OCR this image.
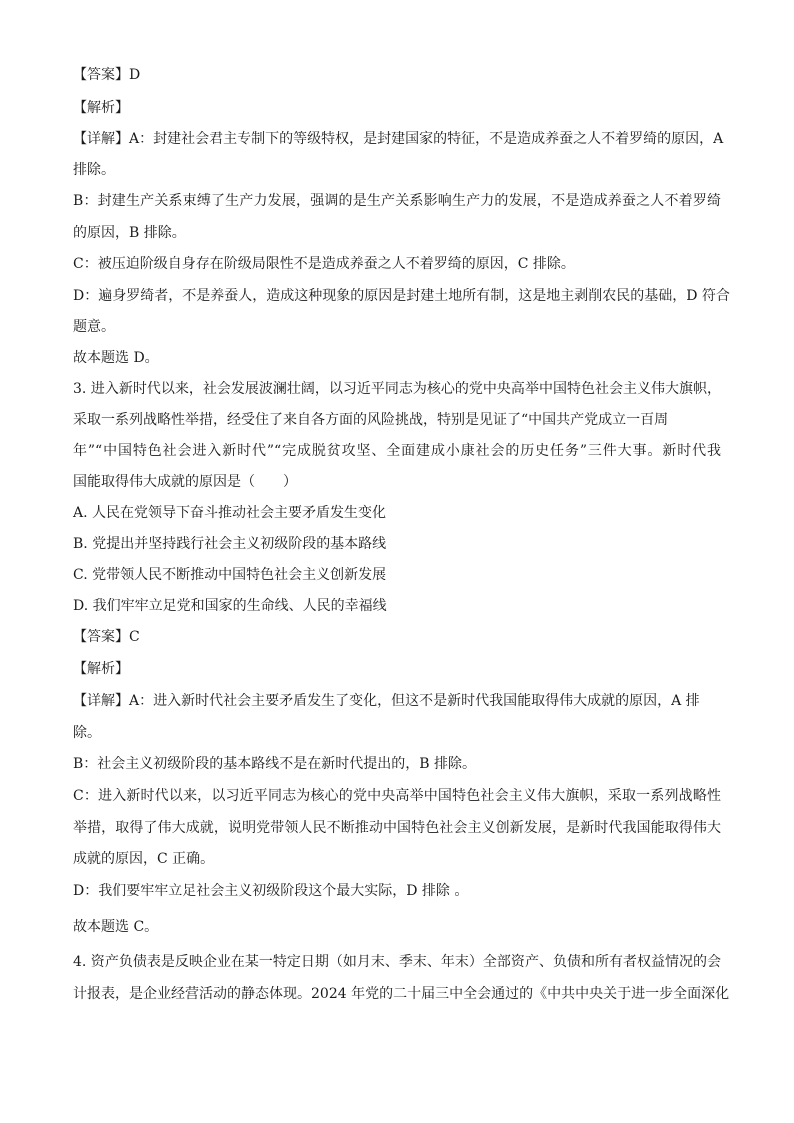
【答案】D
【解析】
【详解】A：封建社会君主专制下的等级特权，是封建国家的特征，不是造成养蚕之人不着罗绮的原因，A
排除。
B：封建生产关系束缚了生产力发展，强调的是生产关系影响生产力的发展，不是造成养蚕之人不着罗绮
的原因，B 排除。
C：被压迫阶级自身存在阶级局限性不是造成养蚕之人不着罗绮的原因，C 排除。
D：遍身罗绮者，不是养蚕人，造成这种现象的原因是封建土地所有制，这是地主剥削农民的基础，D 符合
题意。
故本题选 D。
3. 进入新时代以来，社会发展波澜壮阔，以习近平同志为核心的党中央高举中国特色社会主义伟大旗帜，
采取一系列战略性举措，经受住了来自各方面的风险挑战，特别是见证了“中国共产党成立一百周
年”“中国特色社会进入新时代”“完成脱贫攻坚、全面建成小康社会的历史任务”三件大事。新时代我
国能取得伟大成就的原因是（　　）
A. 人民在党领导下奋斗推动社会主要矛盾发生变化
B. 党提出并坚持践行社会主义初级阶段的基本路线
C. 党带领人民不断推动中国特色社会主义创新发展
D. 我们牢牢立足党和国家的生命线、人民的幸福线
【答案】C
【解析】
【详解】A：进入新时代社会主要矛盾发生了变化，但这不是新时代我国能取得伟大成就的原因，A 排
除。
B：社会主义初级阶段的基本路线不是在新时代提出的，B 排除。
C：进入新时代以来，以习近平同志为核心的党中央高举中国特色社会主义伟大旗帜，采取一系列战略性
举措，取得了伟大成就，说明党带领人民不断推动中国特色社会主义创新发展，是新时代我国能取得伟大
成就的原因，C 正确。
D：我们要牢牢立足社会主义初级阶段这个最大实际，D 排除 。
故本题选 C。
4. 资产负债表是反映企业在某一特定日期（如月末、季末、年末）全部资产、负债和所有者权益情况的会
计报表，是企业经营活动的静态体现。2024 年党的二十届三中全会通过的《中共中央关于进一步全面深化
